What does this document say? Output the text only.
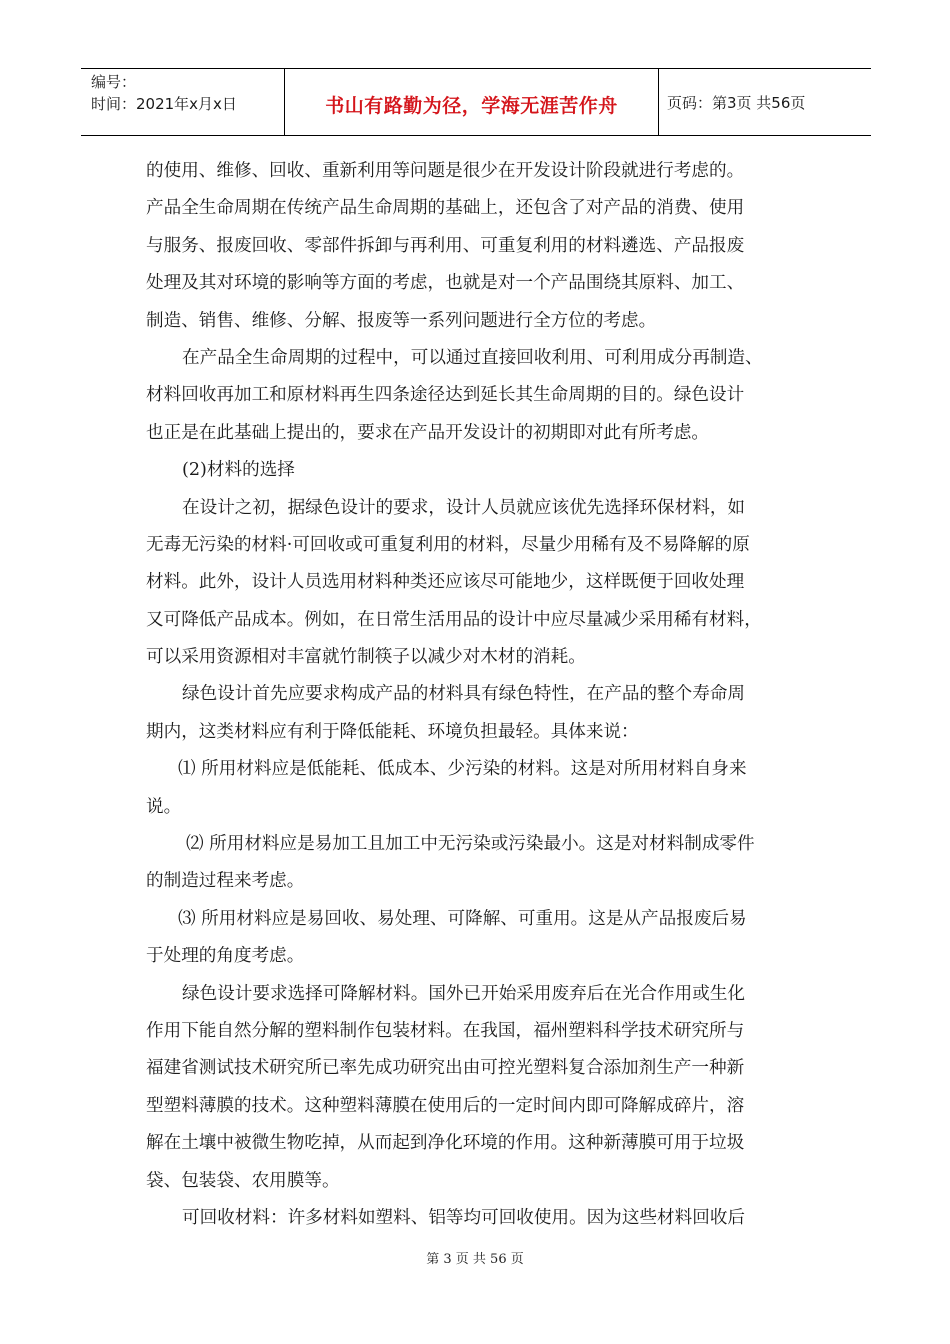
编号：
时间：2021年x月x日	书山有路勤为径，学海无涯苦作舟	页码：第3页 共56页
的使用、维修、回收、重新利用等问题是很少在开发设计阶段就进行考虑的。
产品全生命周期在传统产品生命周期的基础上，还包含了对产品的消费、使用
与服务、报废回收、零部件拆卸与再利用、可重复利用的材料遴选、产品报废
处理及其对环境的影响等方面的考虑，也就是对一个产品围绕其原料、加工、
制造、销售、维修、分解、报废等一系列问题进行全方位的考虑。
在产品全生命周期的过程中，可以通过直接回收利用、可利用成分再制造、
材料回收再加工和原材料再生四条途径达到延长其生命周期的目的。绿色设计
也正是在此基础上提出的，要求在产品开发设计的初期即对此有所考虑。
(2)材料的选择
在设计之初，据绿色设计的要求，设计人员就应该优先选择环保材料，如
无毒无污染的材料·可回收或可重复利用的材料，尽量少用稀有及不易降解的原
材料。此外，设计人员选用材料种类还应该尽可能地少，这样既便于回收处理
又可降低产品成本。例如，在日常生活用品的设计中应尽量减少采用稀有材料，
可以采用资源相对丰富就竹制筷子以减少对木材的消耗。
绿色设计首先应要求构成产品的材料具有绿色特性，在产品的整个寿命周
期内，这类材料应有利于降低能耗、环境负担最轻。具体来说：
⑴ 所用材料应是低能耗、低成本、少污染的材料。这是对所用材料自身来
说。
⑵ 所用材料应是易加工且加工中无污染或污染最小。这是对材料制成零件
的制造过程来考虑。
⑶ 所用材料应是易回收、易处理、可降解、可重用。这是从产品报废后易
于处理的角度考虑。
绿色设计要求选择可降解材料。国外已开始采用废弃后在光合作用或生化
作用下能自然分解的塑料制作包装材料。在我国，福州塑料科学技术研究所与
福建省测试技术研究所已率先成功研究出由可控光塑料复合添加剂生产一种新
型塑料薄膜的技术。这种塑料薄膜在使用后的一定时间内即可降解成碎片，溶
解在土壤中被微生物吃掉，从而起到净化环境的作用。这种新薄膜可用于垃圾
袋、包装袋、农用膜等。
可回收材料：许多材料如塑料、铝等均可回收使用。因为这些材料回收后
第 3 页 共 56 页
